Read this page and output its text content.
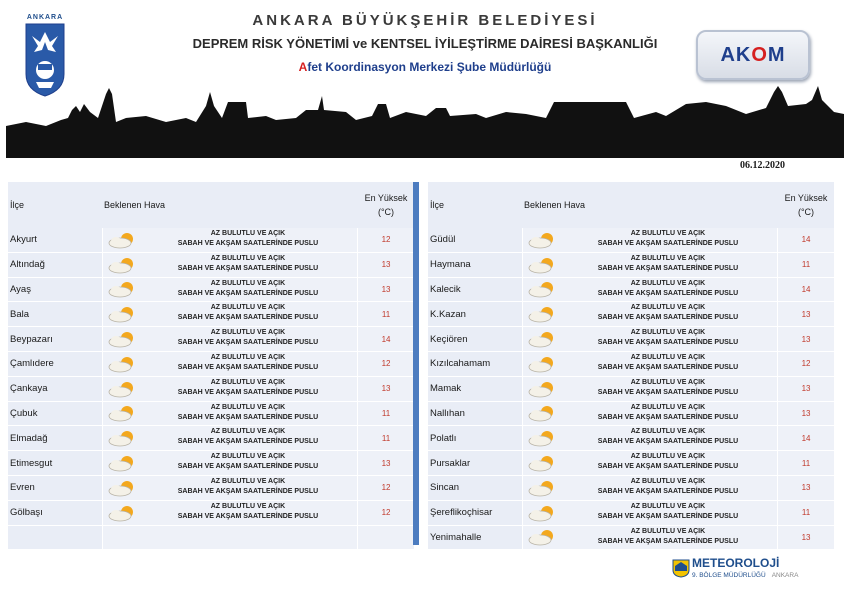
ANKARA	ANKARA BÜYÜKŞEHİR BELEDİYESİ
DEPREM RİSK YÖNETİMİ ve KENTSEL İYİLEŞTİRME DAİRESİ BAŞKANLIĞI
Afet Koordinasyon Merkezi Şube Müdürlüğü
AK O M
06.12.2020
İlçe	Beklenen Hava
En Yüksek
(°C)
Akyurt
AZ BULUTLU VE AÇIK
SABAH VE AKŞAM SAATLERİNDE PUSLU	12
Altındağ
AZ BULUTLU VE AÇIK
SABAH VE AKŞAM SAATLERİNDE PUSLU	13
Ayaş
AZ BULUTLU VE AÇIK
SABAH VE AKŞAM SAATLERİNDE PUSLU	13
Bala
AZ BULUTLU VE AÇIK
SABAH VE AKŞAM SAATLERİNDE PUSLU	11
Beypazarı
AZ BULUTLU VE AÇIK
SABAH VE AKŞAM SAATLERİNDE PUSLU	14
Çamlıdere
AZ BULUTLU VE AÇIK
SABAH VE AKŞAM SAATLERİNDE PUSLU	12
Çankaya
AZ BULUTLU VE AÇIK
SABAH VE AKŞAM SAATLERİNDE PUSLU	13
Çubuk
AZ BULUTLU VE AÇIK
SABAH VE AKŞAM SAATLERİNDE PUSLU	11
Elmadağ
AZ BULUTLU VE AÇIK
SABAH VE AKŞAM SAATLERİNDE PUSLU	11
Etimesgut
AZ BULUTLU VE AÇIK
SABAH VE AKŞAM SAATLERİNDE PUSLU	13
Evren
AZ BULUTLU VE AÇIK
SABAH VE AKŞAM SAATLERİNDE PUSLU	12
Gölbaşı
AZ BULUTLU VE AÇIK
SABAH VE AKŞAM SAATLERİNDE PUSLU	12
İlçe	Beklenen Hava
En Yüksek
(°C)
Güdül
AZ BULUTLU VE AÇIK
SABAH VE AKŞAM SAATLERİNDE PUSLU	14
Haymana
AZ BULUTLU VE AÇIK
SABAH VE AKŞAM SAATLERİNDE PUSLU	11
Kalecik
AZ BULUTLU VE AÇIK
SABAH VE AKŞAM SAATLERİNDE PUSLU	14
K.Kazan
AZ BULUTLU VE AÇIK
SABAH VE AKŞAM SAATLERİNDE PUSLU	13
Keçiören
AZ BULUTLU VE AÇIK
SABAH VE AKŞAM SAATLERİNDE PUSLU	13
Kızılcahamam
AZ BULUTLU VE AÇIK
SABAH VE AKŞAM SAATLERİNDE PUSLU	12
Mamak
AZ BULUTLU VE AÇIK
SABAH VE AKŞAM SAATLERİNDE PUSLU	13
Nallıhan
AZ BULUTLU VE AÇIK
SABAH VE AKŞAM SAATLERİNDE PUSLU	13
Polatlı
AZ BULUTLU VE AÇIK
SABAH VE AKŞAM SAATLERİNDE PUSLU	14
Pursaklar
AZ BULUTLU VE AÇIK
SABAH VE AKŞAM SAATLERİNDE PUSLU	11
Sincan
AZ BULUTLU VE AÇIK
SABAH VE AKŞAM SAATLERİNDE PUSLU	13
Şereflikoçhisar
AZ BULUTLU VE AÇIK
SABAH VE AKŞAM SAATLERİNDE PUSLU	11
Yenimahalle
AZ BULUTLU VE AÇIK
SABAH VE AKŞAM SAATLERİNDE PUSLU	13
METEOROLOJİ
9. BÖLGE MÜDÜRLÜĞÜ ANKARA
